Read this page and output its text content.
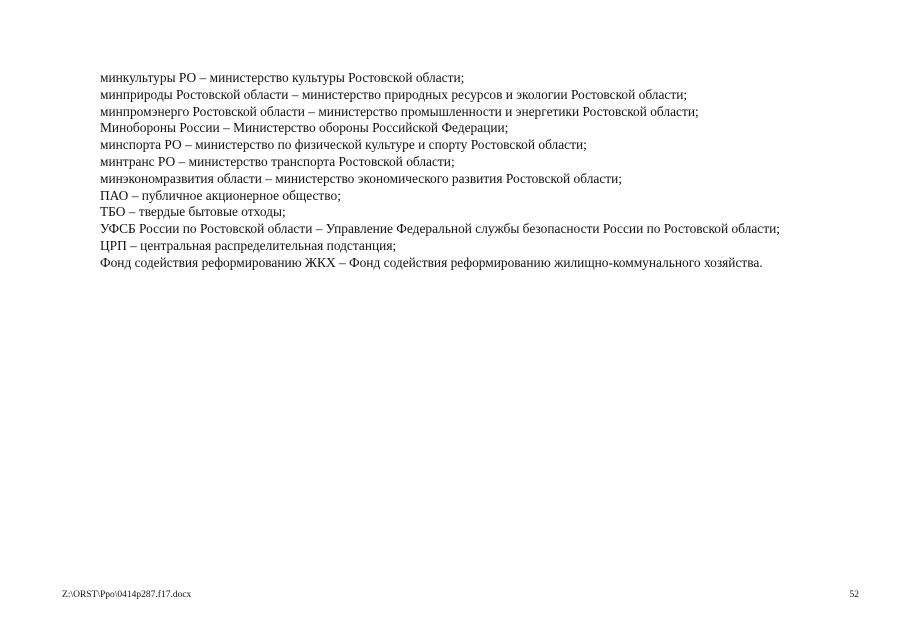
минкультуры РО – министерство культуры Ростовской области;

минприроды Ростовской области – министерство природных ресурсов и экологии Ростовской области;

минпромэнерго Ростовской области – министерство промышленности и энергетики Ростовской области;

Минобороны России – Министерство обороны Российской Федерации;

минспорта РО – министерство по физической культуре и спорту Ростовской области;

минтранс РО – министерство транспорта Ростовской области;

минэкономразвития области – министерство экономического развития Ростовской области;

ПАО – публичное акционерное общество;

ТБО – твердые бытовые отходы;

УФСБ России по Ростовской области – Управление Федеральной службы безопасности России по Ростовской области;

ЦРП – центральная распределительная подстанция;

Фонд содействия реформированию ЖКХ – Фонд содействия реформированию жилищно-коммунального хозяйства.

Z:\ORST\Ppo\0414p287.f17.docx	52
